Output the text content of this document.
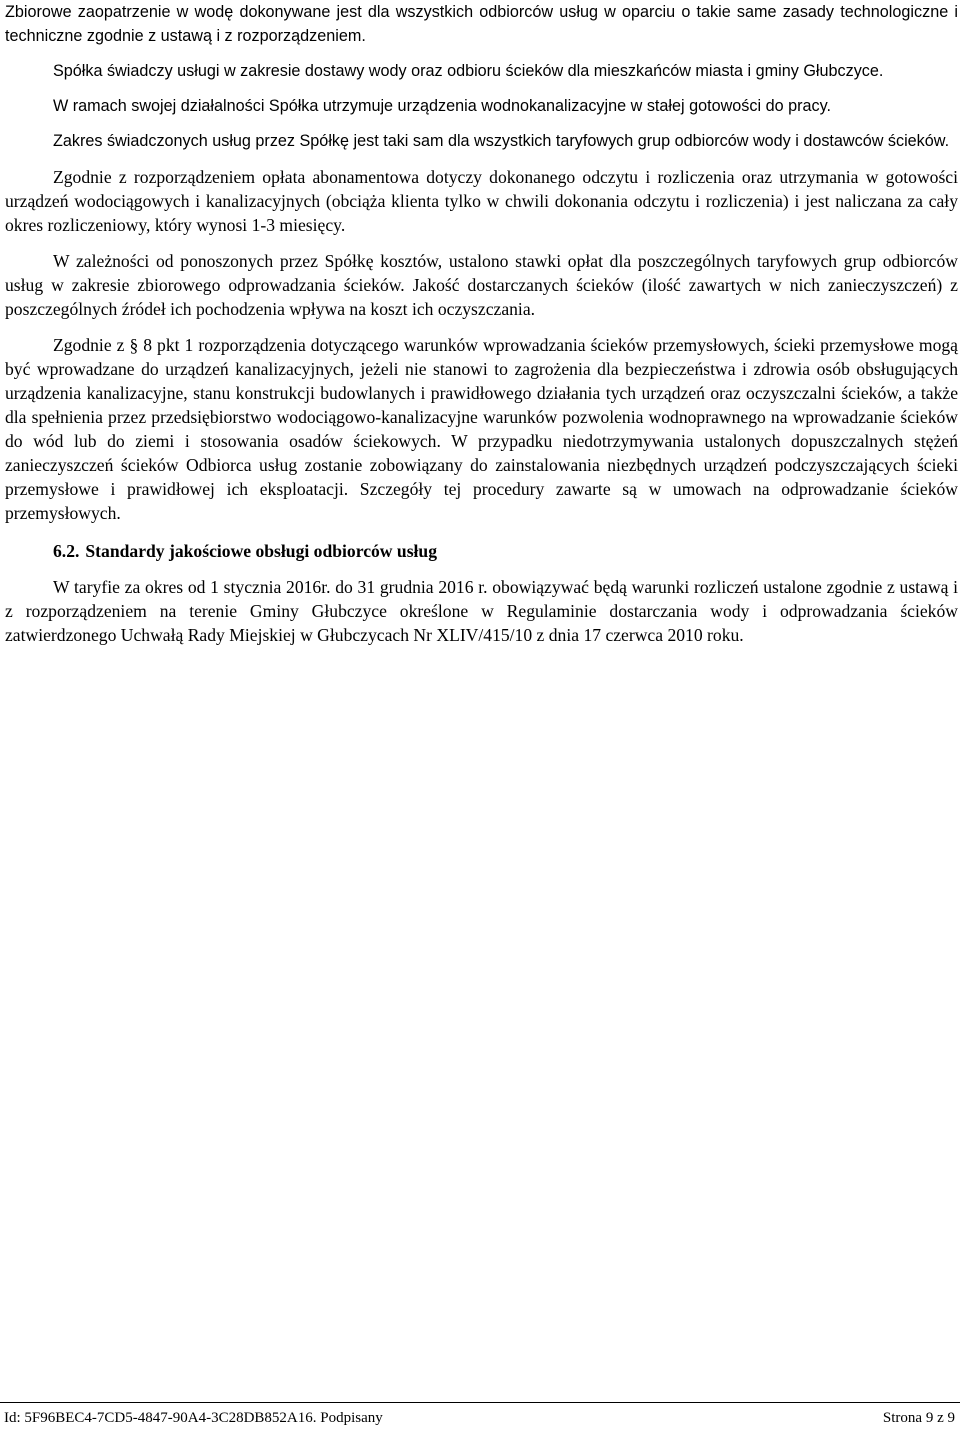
Zbiorowe zaopatrzenie w wodę dokonywane jest dla wszystkich odbiorców usług w oparciu o takie same zasady technologiczne i techniczne zgodnie z ustawą i z rozporządzeniem.

Spółka świadczy usługi w zakresie dostawy wody oraz odbioru ścieków dla mieszkańców miasta i gminy Głubczyce.

W ramach swojej działalności Spółka utrzymuje urządzenia wodnokanalizacyjne w stałej gotowości do pracy.

Zakres świadczonych usług przez Spółkę jest taki sam dla wszystkich taryfowych grup odbiorców wody i dostawców ścieków.

Zgodnie z rozporządzeniem opłata abonamentowa dotyczy dokonanego odczytu i rozliczenia oraz utrzymania w gotowości urządzeń wodociągowych i kanalizacyjnych (obciąża klienta tylko w chwili dokonania odczytu i rozliczenia) i jest naliczana za cały okres rozliczeniowy, który wynosi 1-3 miesięcy.

W zależności od ponoszonych przez Spółkę kosztów, ustalono stawki opłat dla poszczególnych taryfowych grup odbiorców usług w zakresie zbiorowego odprowadzania ścieków. Jakość dostarczanych ścieków (ilość zawartych w nich zanieczyszczeń) z poszczególnych źródeł ich pochodzenia wpływa na koszt ich oczyszczania.

Zgodnie z § 8 pkt 1 rozporządzenia dotyczącego warunków wprowadzania ścieków przemysłowych, ścieki przemysłowe mogą być wprowadzane do urządzeń kanalizacyjnych, jeżeli nie stanowi to zagrożenia dla bezpieczeństwa i zdrowia osób obsługujących urządzenia kanalizacyjne, stanu konstrukcji budowlanych i prawidłowego działania tych urządzeń oraz oczyszczalni ścieków, a także dla spełnienia przez przedsiębiorstwo wodociągowo-kanalizacyjne warunków pozwolenia wodnoprawnego na wprowadzanie ścieków do wód lub do ziemi i stosowania osadów ściekowych. W przypadku niedotrzymywania ustalonych dopuszczalnych stężeń zanieczyszczeń ścieków Odbiorca usług zostanie zobowiązany do zainstalowania niezbędnych urządzeń podczyszczających ścieki przemysłowe i prawidłowej ich eksploatacji. Szczegóły tej procedury zawarte są w umowach na odprowadzanie ścieków przemysłowych.

6.2. Standardy jakościowe obsługi odbiorców usług

W taryfie za okres od 1 stycznia 2016r. do 31 grudnia 2016 r. obowiązywać będą warunki rozliczeń ustalone zgodnie z ustawą i z rozporządzeniem na terenie Gminy Głubczyce określone w Regulaminie dostarczania wody i odprowadzania ścieków zatwierdzonego Uchwałą Rady Miejskiej w Głubczycach Nr XLIV/415/10 z dnia 17 czerwca 2010 roku.

Id: 5F96BEC4-7CD5-4847-90A4-3C28DB852A16. Podpisany	Strona 9 z 9
